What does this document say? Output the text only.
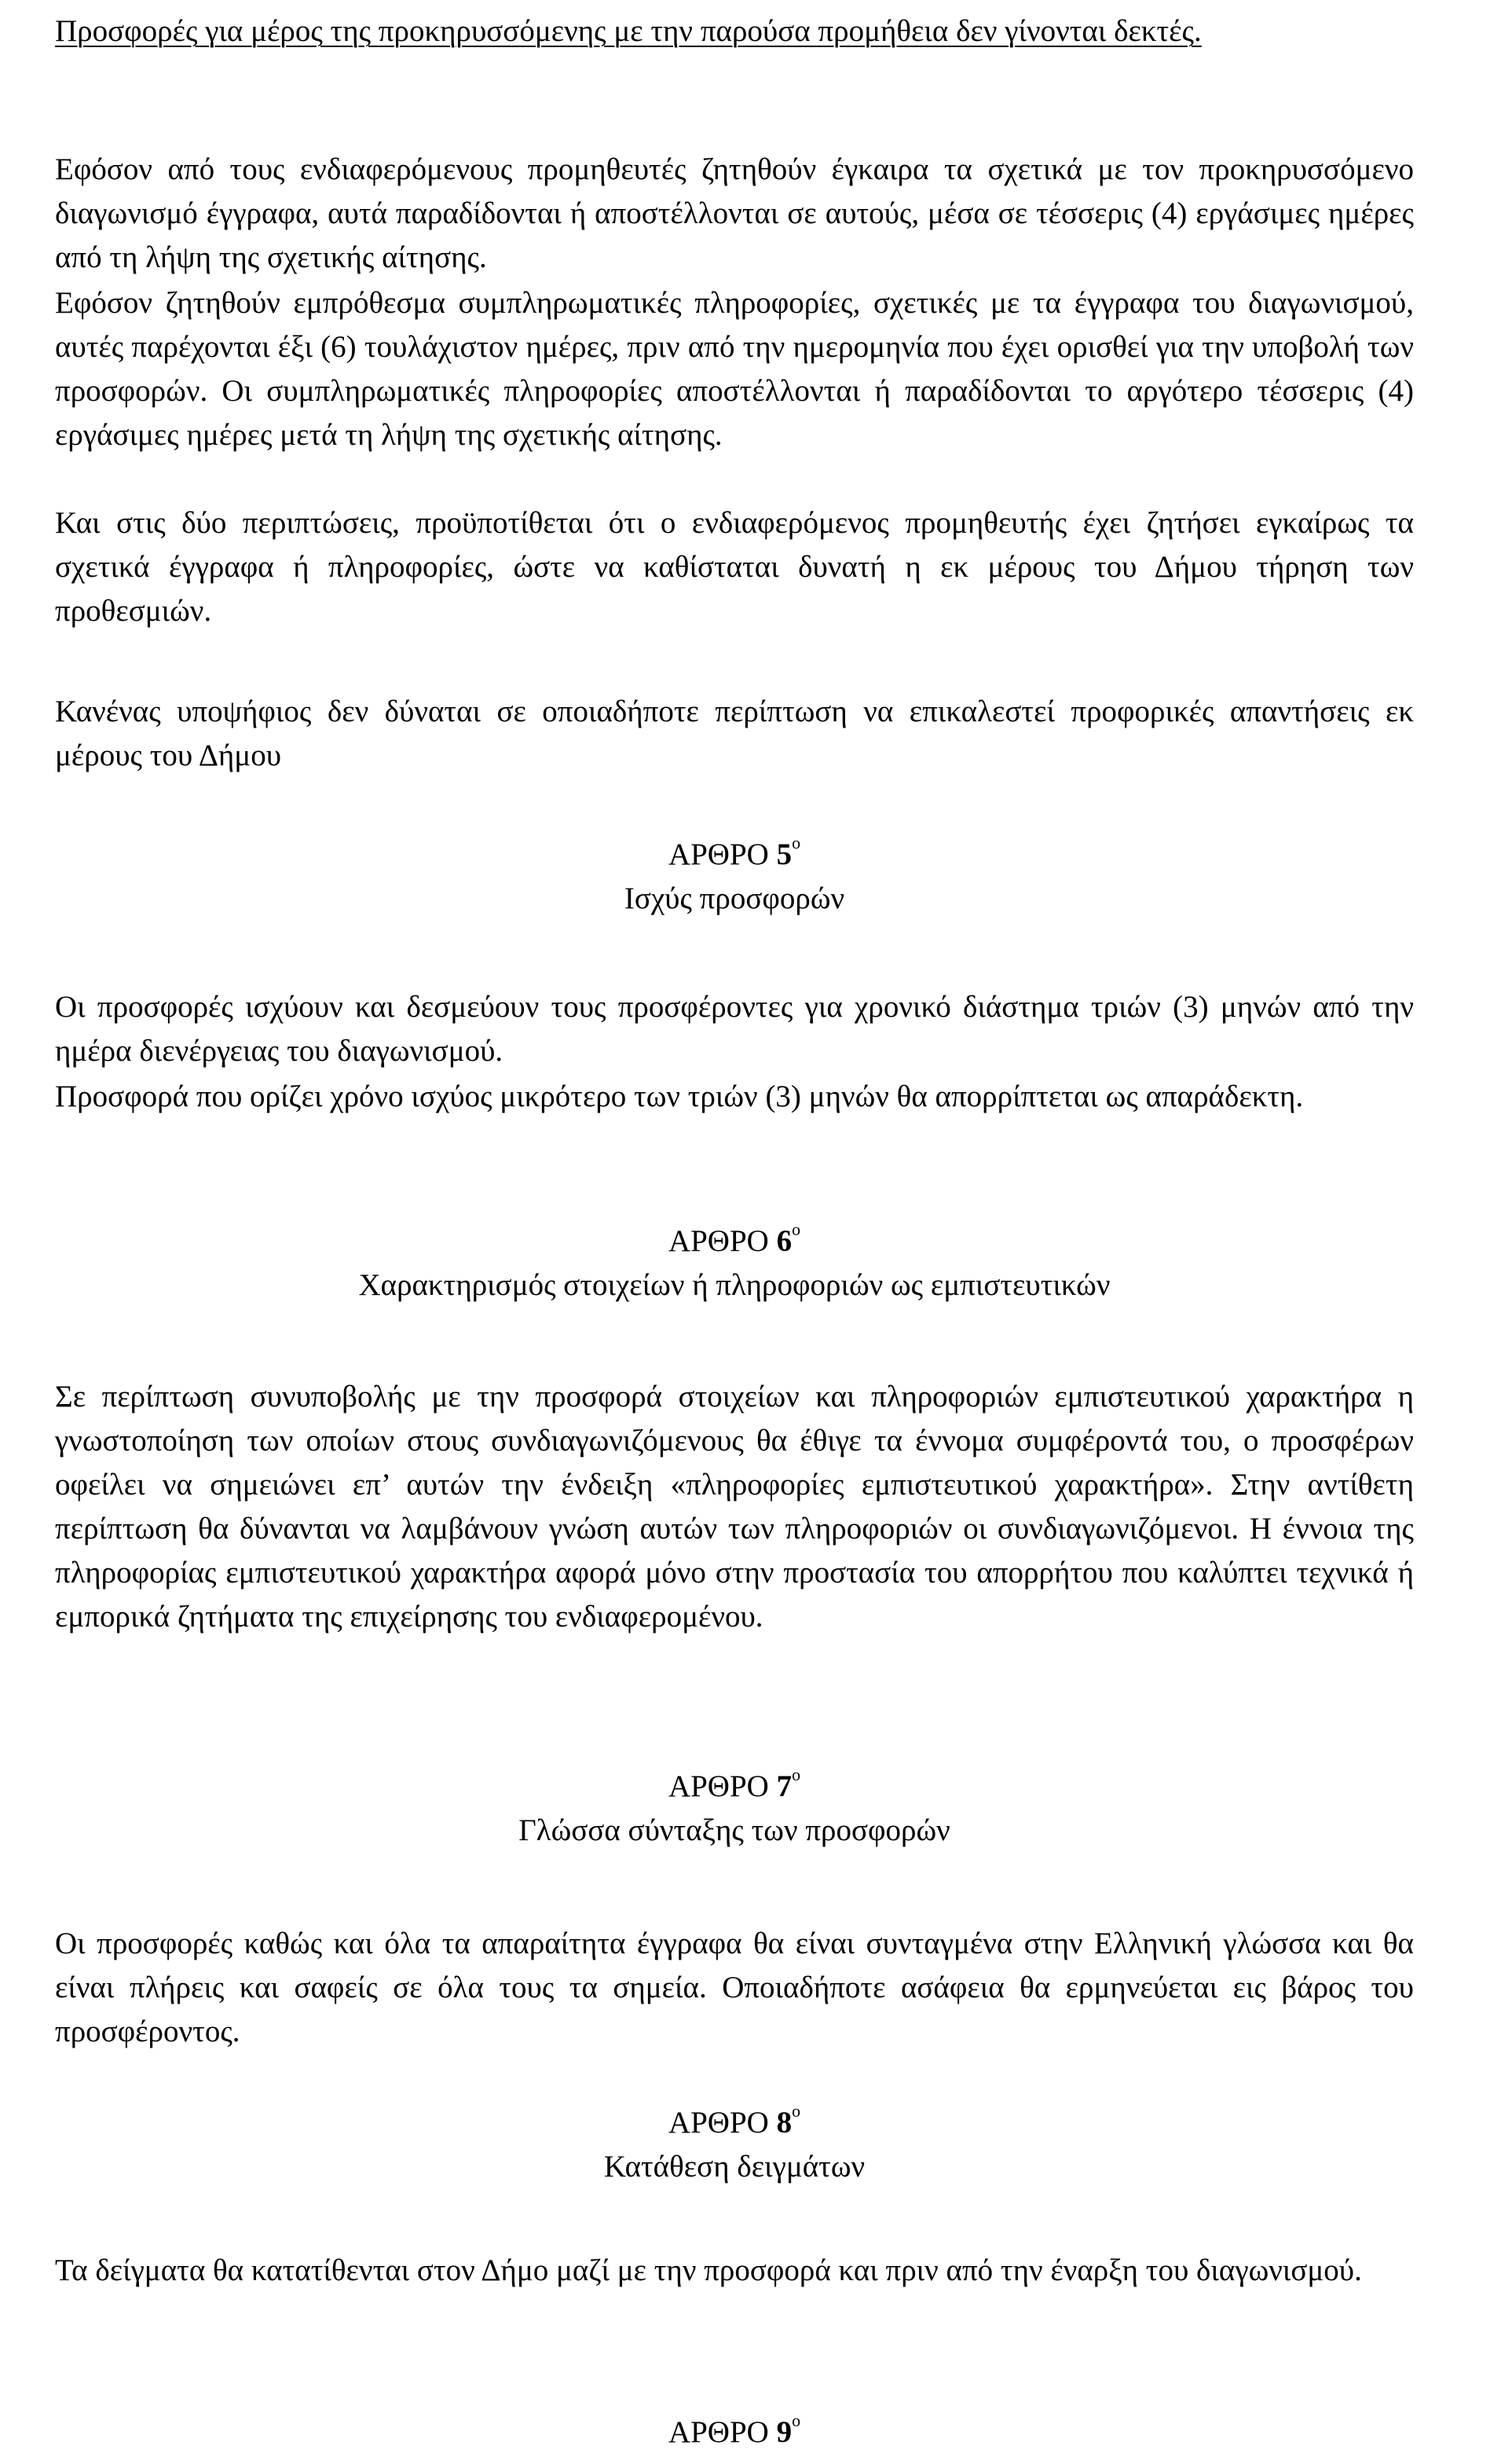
Προσφορές για μέρος της προκηρυσσόμενης με την παρούσα προμήθεια δεν γίνονται δεκτές.

Εφόσον από τους ενδιαφερόμενους προμηθευτές ζητηθούν έγκαιρα τα σχετικά με τον προκηρυσσόμενο διαγωνισμό έγγραφα, αυτά παραδίδονται ή αποστέλλονται σε αυτούς, μέσα σε τέσσερις (4) εργάσιμες ημέρες από τη λήψη της σχετικής αίτησης.

Εφόσον ζητηθούν εμπρόθεσμα συμπληρωματικές πληροφορίες, σχετικές με τα έγγραφα του διαγωνισμού, αυτές παρέχονται έξι (6) τουλάχιστον ημέρες, πριν από την ημερομηνία που έχει ορισθεί για την υποβολή των προσφορών. Οι συμπληρωματικές πληροφορίες αποστέλλονται ή παραδίδονται το αργότερο τέσσερις (4) εργάσιμες ημέρες μετά τη λήψη της σχετικής αίτησης.

Και στις δύο περιπτώσεις, προϋποτίθεται ότι ο ενδιαφερόμενος προμηθευτής έχει ζητήσει εγκαίρως τα σχετικά έγγραφα ή πληροφορίες, ώστε να καθίσταται δυνατή η εκ μέρους του Δήμου τήρηση των προθεσμιών.

Κανένας υποψήφιος δεν δύναται σε οποιαδήποτε περίπτωση να επικαλεστεί προφορικές απαντήσεις εκ μέρους του Δήμου

ΑΡΘΡΟ $5^o$

Ισχύς προσφορών

Οι προσφορές ισχύουν και δεσμεύουν τους προσφέροντες για χρονικό διάστημα τριών (3) μηνών από την ημέρα διενέργειας του διαγωνισμού.

Προσφορά που ορίζει χρόνο ισχύος μικρότερο των τριών (3) μηνών θα απορρίπτεται ως απαράδεκτη.

ΑΡΘΡΟ $6^o$

Χαρακτηρισμός στοιχείων ή πληροφοριών ως εμπιστευτικών

Σε περίπτωση συνυποβολής με την προσφορά στοιχείων και πληροφοριών εμπιστευτικού χαρακτήρα η γνωστοποίηση των οποίων στους συνδιαγωνιζόμενους θα έθιγε τα έννομα συμφέροντά του, ο προσφέρων οφείλει να σημειώνει επ’ αυτών την ένδειξη «πληροφορίες εμπιστευτικού χαρακτήρα». Στην αντίθετη περίπτωση θα δύνανται να λαμβάνουν γνώση αυτών των πληροφοριών οι συνδιαγωνιζόμενοι. Η έννοια της πληροφορίας εμπιστευτικού χαρακτήρα αφορά μόνο στην προστασία του απορρήτου που καλύπτει τεχνικά ή εμπορικά ζητήματα της επιχείρησης του ενδιαφερομένου.

ΑΡΘΡΟ $7^o$

Γλώσσα σύνταξης των προσφορών

Οι προσφορές καθώς και όλα τα απαραίτητα έγγραφα θα είναι συνταγμένα στην Ελληνική γλώσσα και θα είναι πλήρεις και σαφείς σε όλα τους τα σημεία. Οποιαδήποτε ασάφεια θα ερμηνεύεται εις βάρος του προσφέροντος.

ΑΡΘΡΟ $8^o$

Κατάθεση δειγμάτων

Τα δείγματα θα κατατίθενται στον Δήμο μαζί με την προσφορά και πριν από την έναρξη του διαγωνισμού.

ΑΡΘΡΟ $9^o$
